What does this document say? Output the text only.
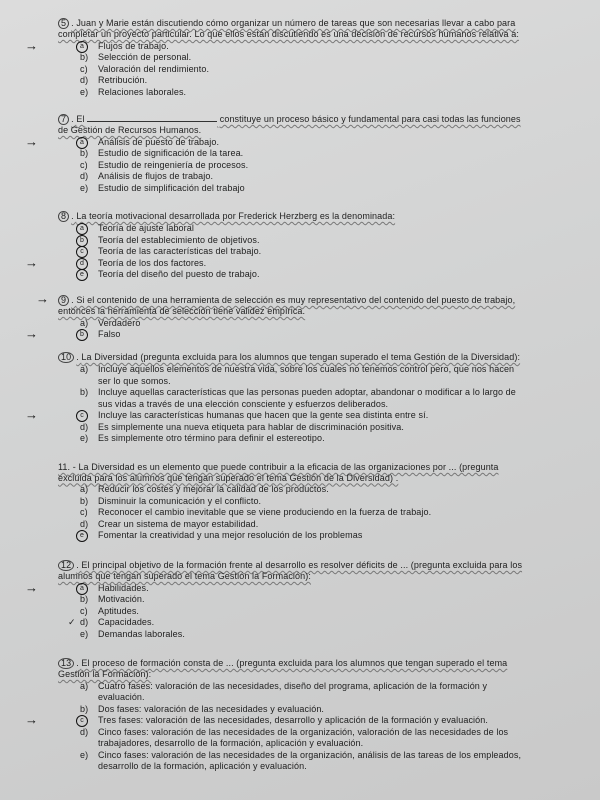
5 . Juan y Marie están discutiendo cómo organizar un número de tareas que son necesarias llevar a cabo para completar un proyecto particular. Lo que ellos están discutiendo es una decisión de recursos humanos relativa a:
→	a	Flujos de trabajo.
b) Selección de personal.
c) Valoración del rendimiento.
d) Retribución.
e) Relaciones laborales.
7 . El	constituye un proceso básico y fundamental para casi todas las funciones de Gestión de Recursos Humanos.
→	a	Análisis de puesto de trabajo.
b) Estudio de significación de la tarea.
c) Estudio de reingeniería de procesos.
d) Análisis de flujos de trabajo.
e) Estudio de simplificación del trabajo
8 . La teoría motivacional desarrollada por Frederick Herzberg es la denominada:
a	Teoría de ajuste laboral
b	Teoría del establecimiento de objetivos.
c	Teoría de las características del trabajo.
→	d	Teoría de los dos factores.
e	Teoría del diseño del puesto de trabajo.
→ 9 . Si el contenido de una herramienta de selección es muy representativo del contenido del puesto de trabajo, entonces la herramienta de selección tiene validez empírica.
a) Verdadero
→	b	Falso
10 . La Diversidad (pregunta excluida para los alumnos que tengan superado el tema Gestión de la Diversidad):
a) Incluye aquellos elementos de nuestra vida, sobre los cuales no tenemos control pero, que nos hacen ser lo que somos.
b) Incluye aquellas características que las personas pueden adoptar, abandonar o modificar a lo largo de sus vidas a través de una elección consciente y esfuerzos deliberados.
→	c	Incluye las características humanas que hacen que la gente sea distinta entre sí.
d) Es simplemente una nueva etiqueta para hablar de discriminación positiva.
e) Es simplemente otro término para definir el estereotipo.
11. - La Diversidad es un elemento que puede contribuir a la eficacia de las organizaciones por ... (pregunta excluida para los alumnos que tengan superado el tema Gestión de la Diversidad) .
a) Reducir los costes y mejorar la calidad de los productos.
b) Disminuir la comunicación y el conflicto.
c) Reconocer el cambio inevitable que se viene produciendo en la fuerza de trabajo.
d) Crear un sistema de mayor estabilidad.
e	Fomentar la creatividad y una mejor resolución de los problemas
12 . El principal objetivo de la formación frente al desarrollo es resolver déficits de ... (pregunta excluida para los alumnos que tengan superado el tema Gestión la Formación):
→	a	Habilidades.
b) Motivación.
c) Aptitudes.
✓ d) Capacidades.
e) Demandas laborales.
13 . El proceso de formación consta de ... (pregunta excluida para los alumnos que tengan superado el tema Gestión la Formación):
a) Cuatro fases: valoración de las necesidades, diseño del programa, aplicación de la formación y evaluación.
b) Dos fases: valoración de las necesidades y evaluación.
→	c	Tres fases: valoración de las necesidades, desarrollo y aplicación de la formación y evaluación.
d) Cinco fases: valoración de las necesidades de la organización, valoración de las necesidades de los trabajadores, desarrollo de la formación, aplicación y evaluación.
e) Cinco fases: valoración de las necesidades de la organización, análisis de las tareas de los empleados, desarrollo de la formación, aplicación y evaluación.
